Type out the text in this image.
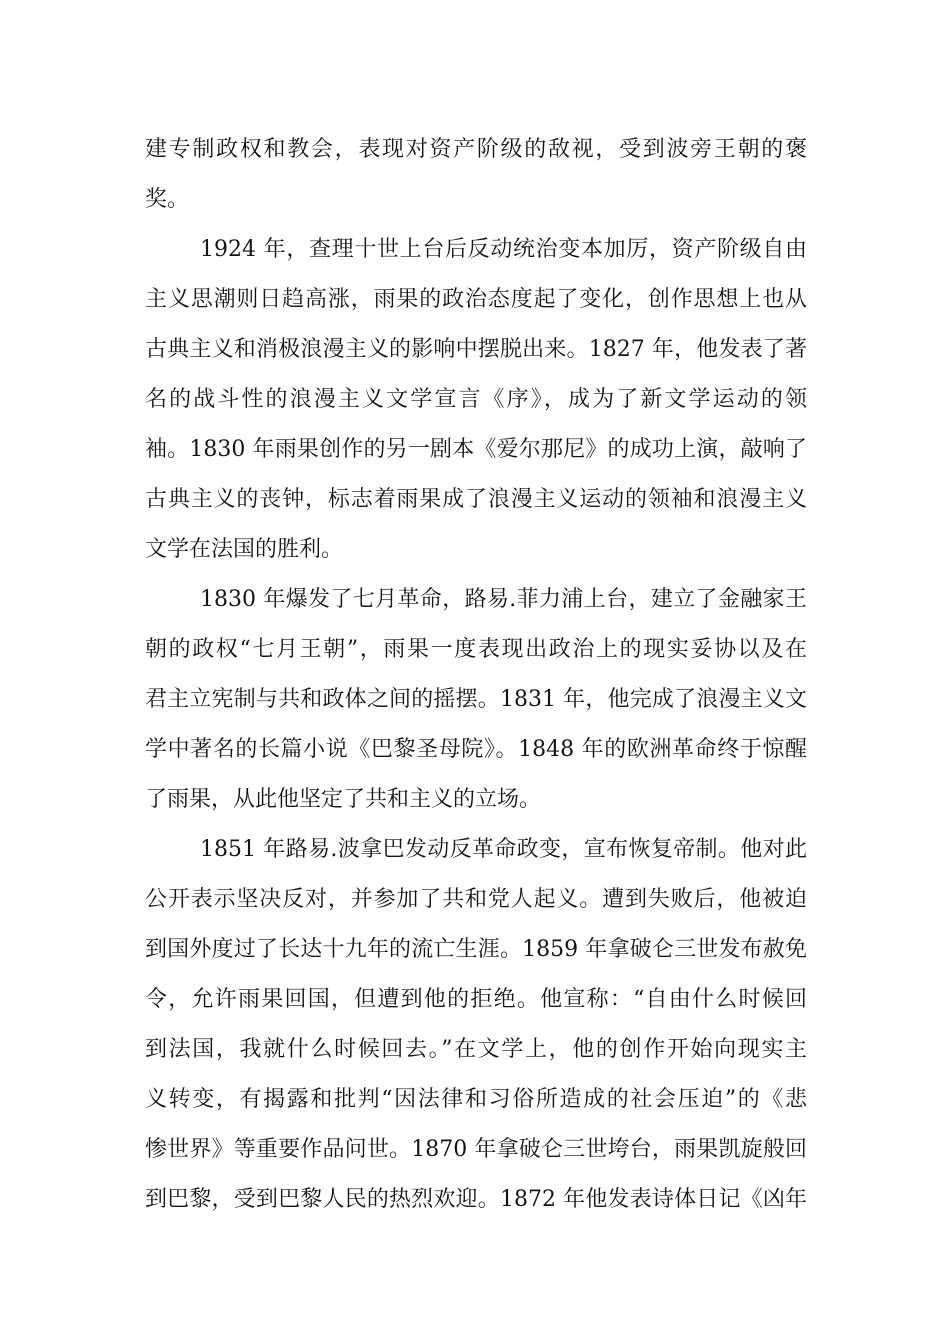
建专制政权和教会，表现对资产阶级的敌视，受到波旁王朝的褒
奖。
1924 年，查理十世上台后反动统治变本加厉，资产阶级自由
主义思潮则日趋高涨，雨果的政治态度起了变化，创作思想上也从
古典主义和消极浪漫主义的影响中摆脱出来。1827 年，他发表了著
名的战斗性的浪漫主义文学宣言《序》，成为了新文学运动的领
袖。1830 年雨果创作的另一剧本《爱尔那尼》的成功上演，敲响了
古典主义的丧钟，标志着雨果成了浪漫主义运动的领袖和浪漫主义
文学在法国的胜利。
1830 年爆发了七月革命，路易.菲力浦上台，建立了金融家王
朝的政权“七月王朝”，雨果一度表现出政治上的现实妥协以及在
君主立宪制与共和政体之间的摇摆。1831 年，他完成了浪漫主义文
学中著名的长篇小说《巴黎圣母院》。1848 年的欧洲革命终于惊醒
了雨果，从此他坚定了共和主义的立场。
1851 年路易.波拿巴发动反革命政变，宣布恢复帝制。他对此
公开表示坚决反对，并参加了共和党人起义。遭到失败后，他被迫
到国外度过了长达十九年的流亡生涯。1859 年拿破仑三世发布赦免
令，允许雨果回国，但遭到他的拒绝。他宣称：“自由什么时候回
到法国，我就什么时候回去。”在文学上，他的创作开始向现实主
义转变，有揭露和批判“因法律和习俗所造成的社会压迫”的《悲
惨世界》等重要作品问世。1870 年拿破仑三世垮台，雨果凯旋般回
到巴黎，受到巴黎人民的热烈欢迎。1872 年他发表诗体日记《凶年
